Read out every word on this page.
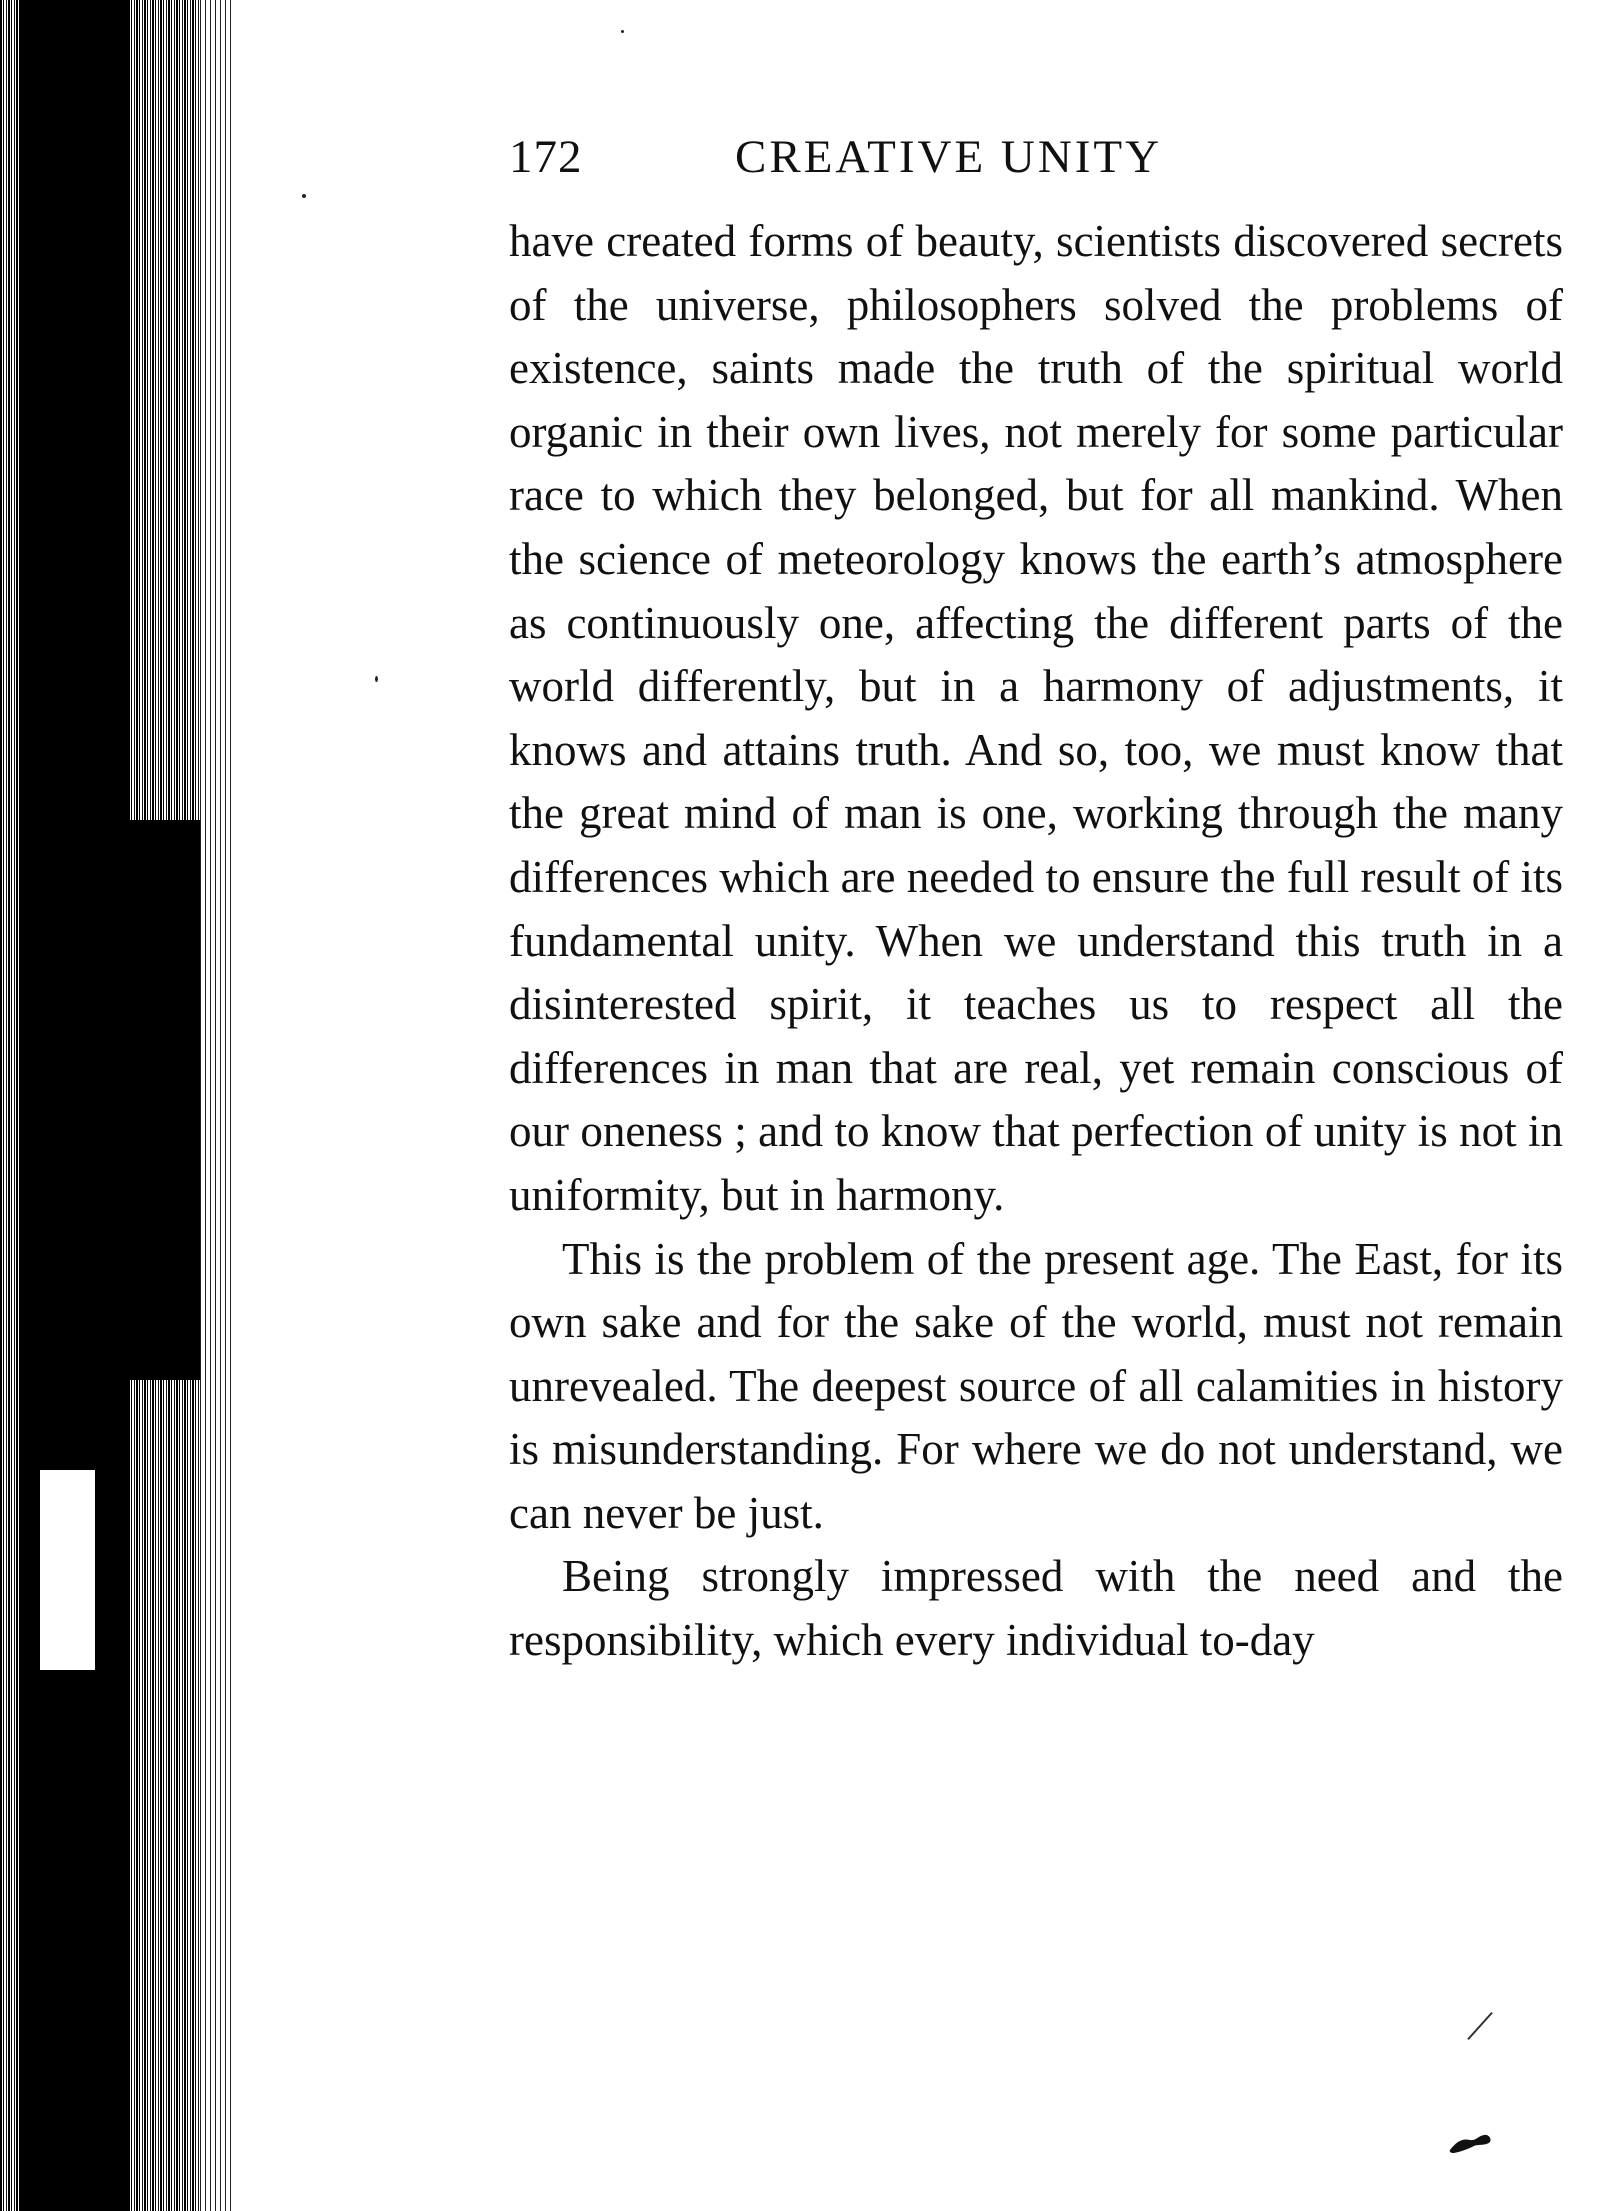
172	CREATIVE UNITY

have created forms of beauty, scientists discovered secrets of the universe, philosophers solved the problems of existence, saints made the truth of the spiritual world organic in their own lives, not merely for some particular race to which they belonged, but for all mankind. When the science of meteorology knows the earth’s atmosphere as continuously one, affecting the different parts of the world differently, but in a harmony of adjustments, it knows and attains truth. And so, too, we must know that the great mind of man is one, working through the many differences which are needed to ensure the full result of its fundamental unity. When we understand this truth in a disinterested spirit, it teaches us to respect all the differences in man that are real, yet remain conscious of our oneness ; and to know that perfection of unity is not in uniformity, but in harmony.

This is the problem of the present age. The East, for its own sake and for the sake of the world, must not remain unrevealed. The deepest source of all calamities in history is misunderstanding. For where we do not understand, we can never be just.

Being strongly impressed with the need and the responsibility, which every individual to-day
